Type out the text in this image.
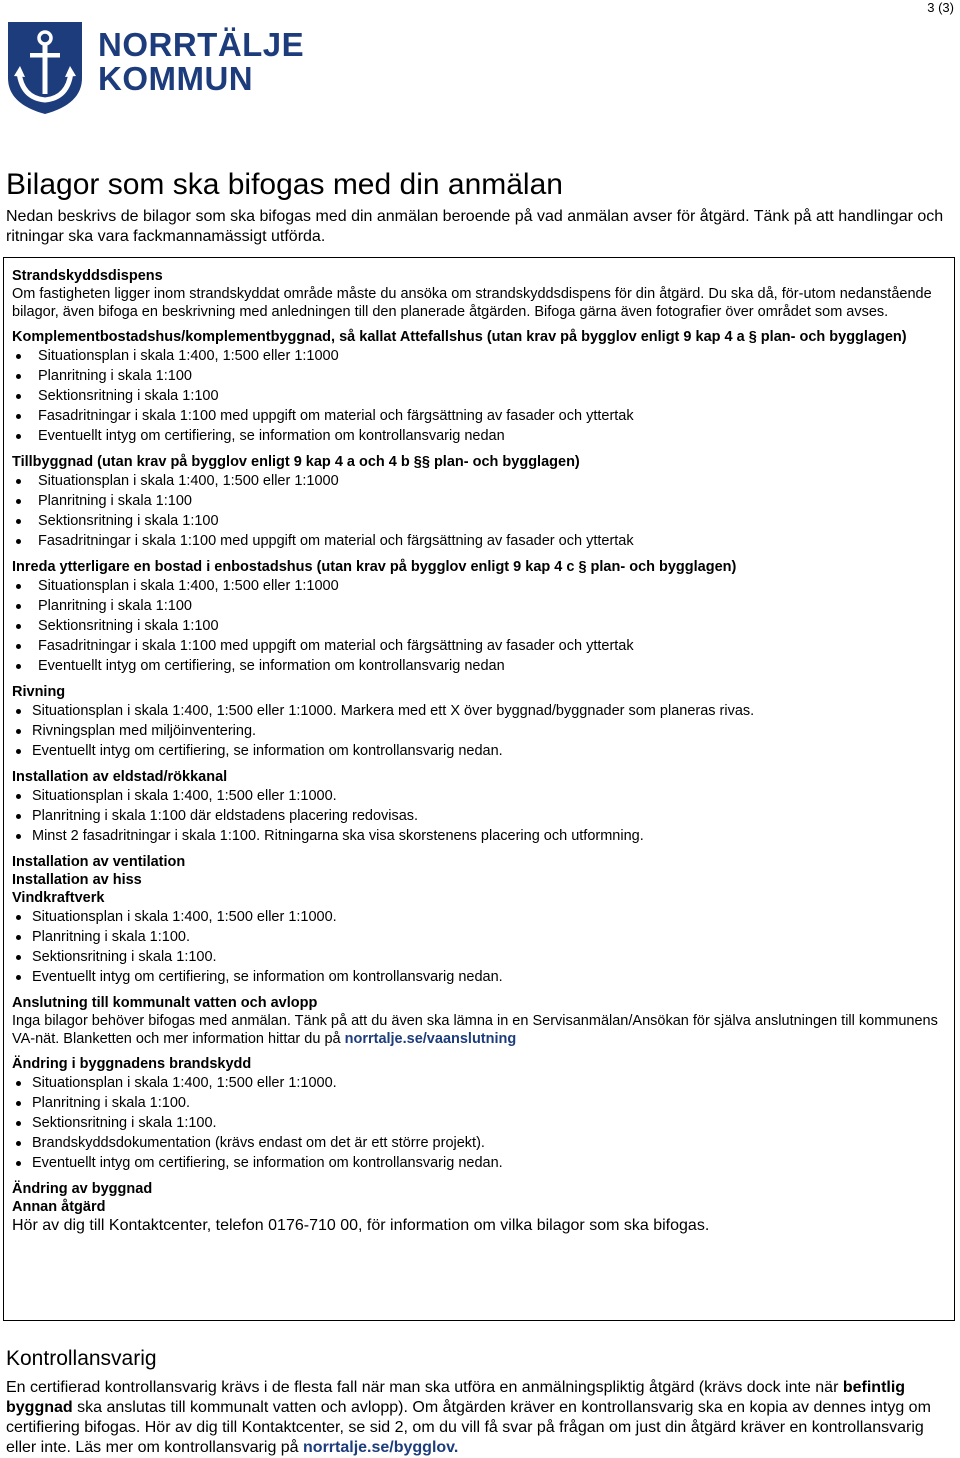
3 (3)
NORRTÄLJE
KOMMUN
Bilagor som ska bifogas med din anmälan
Nedan beskrivs de bilagor som ska bifogas med din anmälan beroende på vad anmälan avser för åtgärd. Tänk på att handlingar och ritningar ska vara fackmannamässigt utförda.
Strandskyddsdispens
Om fastigheten ligger inom strandskyddat område måste du ansöka om strandskyddsdispens för din åtgärd. Du ska då, för-utom nedanstående bilagor, även bifoga en beskrivning med anledningen till den planerade åtgärden. Bifoga gärna även fotografier över området som avses.
Komplementbostadshus/komplementbyggnad, så kallat Attefallshus (utan krav på bygglov enligt 9 kap 4 a § plan- och bygglagen)
Situationsplan i skala 1:400, 1:500 eller 1:1000
Planritning i skala 1:100
Sektionsritning i skala 1:100
Fasadritningar i skala 1:100 med uppgift om material och färgsättning av fasader och yttertak
Eventuellt intyg om certifiering, se information om kontrollansvarig nedan
Tillbyggnad (utan krav på bygglov enligt 9 kap 4 a och 4 b §§ plan- och bygglagen)
Situationsplan i skala 1:400, 1:500 eller 1:1000
Planritning i skala 1:100
Sektionsritning i skala 1:100
Fasadritningar i skala 1:100 med uppgift om material och färgsättning av fasader och yttertak
Inreda ytterligare en bostad i enbostadshus (utan krav på bygglov enligt 9 kap 4 c § plan- och bygglagen)
Situationsplan i skala 1:400, 1:500 eller 1:1000
Planritning i skala 1:100
Sektionsritning i skala 1:100
Fasadritningar i skala 1:100 med uppgift om material och färgsättning av fasader och yttertak
Eventuellt intyg om certifiering, se information om kontrollansvarig nedan
Rivning
Situationsplan i skala 1:400, 1:500 eller 1:1000. Markera med ett X över byggnad/byggnader som planeras rivas.
Rivningsplan med miljöinventering.
Eventuellt intyg om certifiering, se information om kontrollansvarig nedan.
Installation av eldstad/rökkanal
Situationsplan i skala 1:400, 1:500 eller 1:1000.
Planritning i skala 1:100 där eldstadens placering redovisas.
Minst 2 fasadritningar i skala 1:100. Ritningarna ska visa skorstenens placering och utformning.
Installation av ventilation
Installation av hiss
Vindkraftverk
Situationsplan i skala 1:400, 1:500 eller 1:1000.
Planritning i skala 1:100.
Sektionsritning i skala 1:100.
Eventuellt intyg om certifiering, se information om kontrollansvarig nedan.
Anslutning till kommunalt vatten och avlopp
Inga bilagor behöver bifogas med anmälan. Tänk på att du även ska lämna in en Servisanmälan/Ansökan för själva anslutningen till kommunens VA-nät. Blanketten och mer information hittar du på norrtalje.se/vaanslutning
Ändring i byggnadens brandskydd
Situationsplan i skala 1:400, 1:500 eller 1:1000.
Planritning i skala 1:100.
Sektionsritning i skala 1:100.
Brandskyddsdokumentation (krävs endast om det är ett större projekt).
Eventuellt intyg om certifiering, se information om kontrollansvarig nedan.
Ändring av byggnad
Annan åtgärd
Hör av dig till Kontaktcenter, telefon 0176-710 00, för information om vilka bilagor som ska bifogas.
Kontrollansvarig
En certifierad kontrollansvarig krävs i de flesta fall när man ska utföra en anmälningspliktig åtgärd (krävs dock inte när befintlig byggnad ska anslutas till kommunalt vatten och avlopp). Om åtgärden kräver en kontrollansvarig ska en kopia av dennes intyg om certifiering bifogas. Hör av dig till Kontaktcenter, se sid 2, om du vill få svar på frågan om just din åtgärd kräver en kontrollansvarig eller inte. Läs mer om kontrollansvarig på norrtalje.se/bygglov.
